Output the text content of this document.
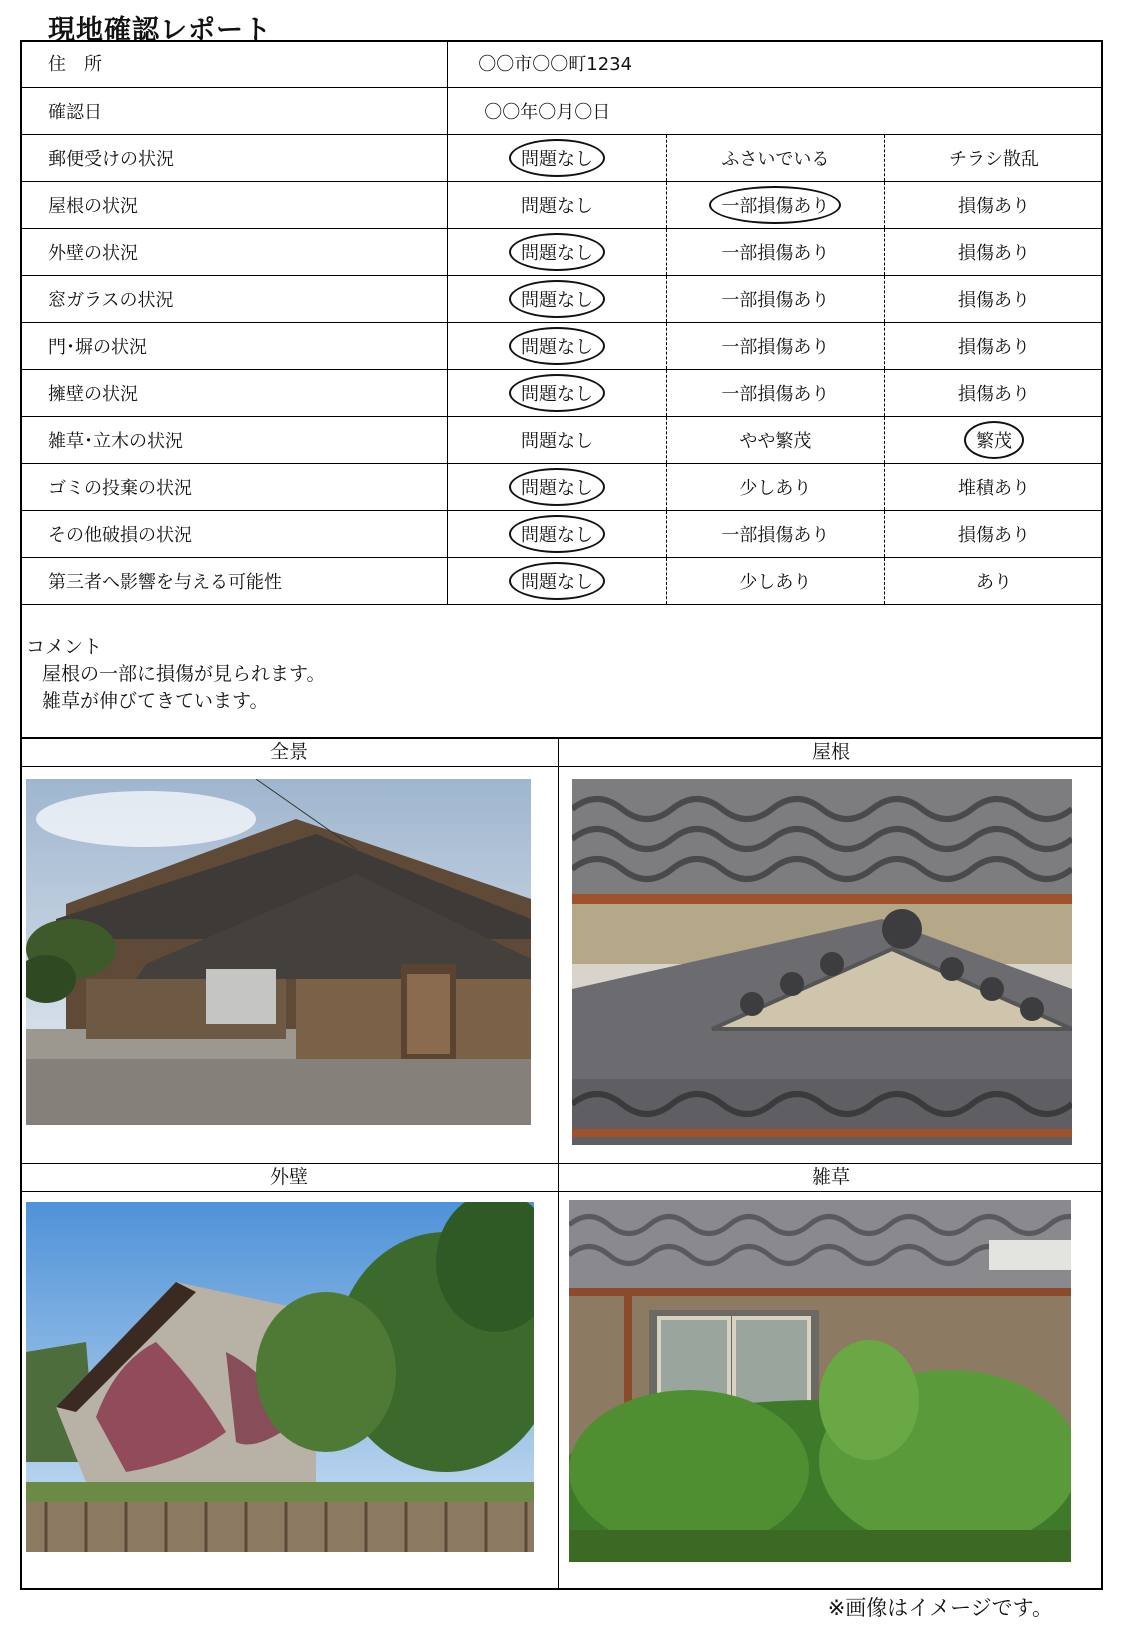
現地確認レポート
住　所	〇〇市〇〇町1234		
確認日	〇〇年〇月〇日		
郵便受けの状況	問題なし	ふさいでいる	チラシ散乱
屋根の状況	問題なし	一部損傷あり	損傷あり
外壁の状況	問題なし	一部損傷あり	損傷あり
窓ガラスの状況	問題なし	一部損傷あり	損傷あり
門･塀の状況	問題なし	一部損傷あり	損傷あり
擁壁の状況	問題なし	一部損傷あり	損傷あり
雑草･立木の状況	問題なし	やや繁茂	繁茂
ゴミの投棄の状況	問題なし	少しあり	堆積あり
その他破損の状況	問題なし	一部損傷あり	損傷あり
第三者へ影響を与える可能性	問題なし	少しあり	あり
コメント
屋根の一部に損傷が見られます。
雑草が伸びてきています。
全景	屋根
外壁	雑草
※画像はイメージです。
